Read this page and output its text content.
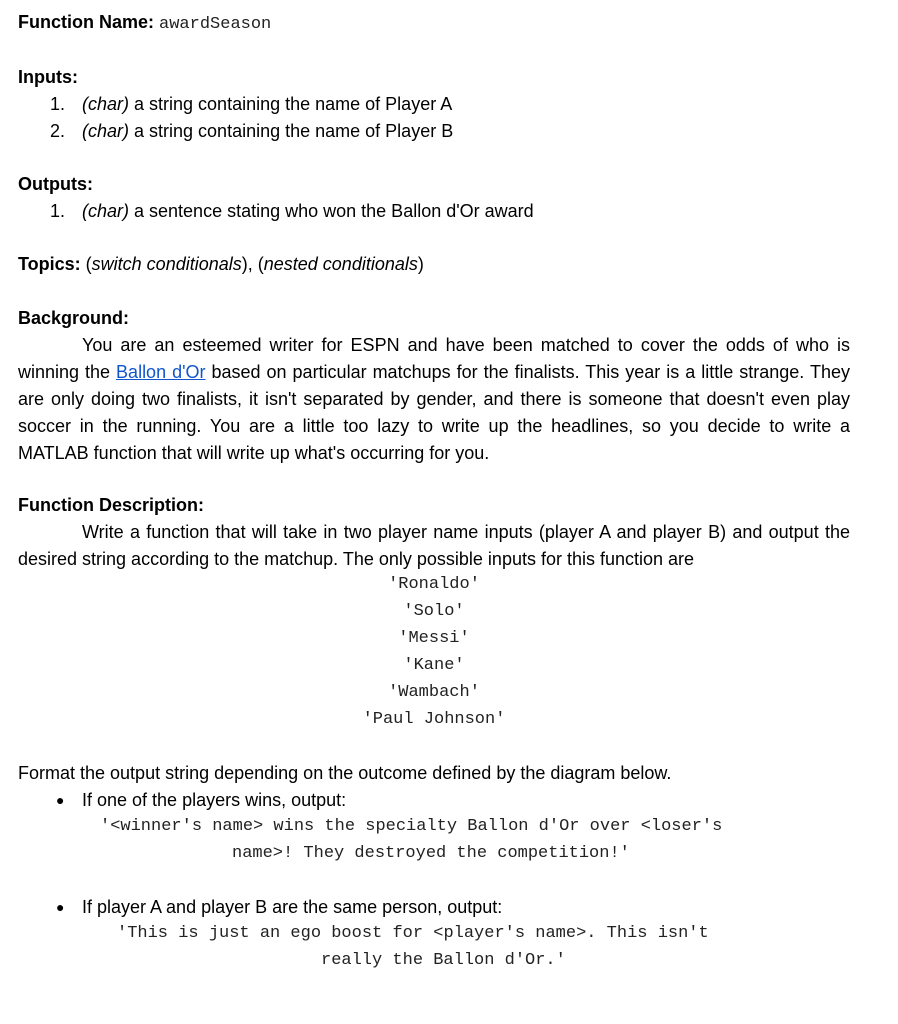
Function Name: awardSeason
Inputs:
1. (char) a string containing the name of Player A
2. (char) a string containing the name of Player B
Outputs:
1. (char) a sentence stating who won the Ballon d'Or award
Topics: (switch conditionals), (nested conditionals)
Background:
You are an esteemed writer for ESPN and have been matched to cover the odds of who is winning the Ballon d'Or based on particular matchups for the finalists. This year is a little strange. They are only doing two finalists, it isn't separated by gender, and there is someone that doesn't even play soccer in the running. You are a little too lazy to write up the headlines, so you decide to write a MATLAB function that will write up what's occurring for you.
Function Description:
Write a function that will take in two player name inputs (player A and player B) and output the desired string according to the matchup. The only possible inputs for this function are
'Ronaldo'
'Solo'
'Messi'
'Kane'
'Wambach'
'Paul Johnson'
Format the output string depending on the outcome defined by the diagram below.
● If one of the players wins, output:
'<winner's name> wins the specialty Ballon d'Or over <loser's
name>! They destroyed the competition!'
● If player A and player B are the same person, output:
'This is just an ego boost for <player's name>. This isn't
really the Ballon d'Or.'
